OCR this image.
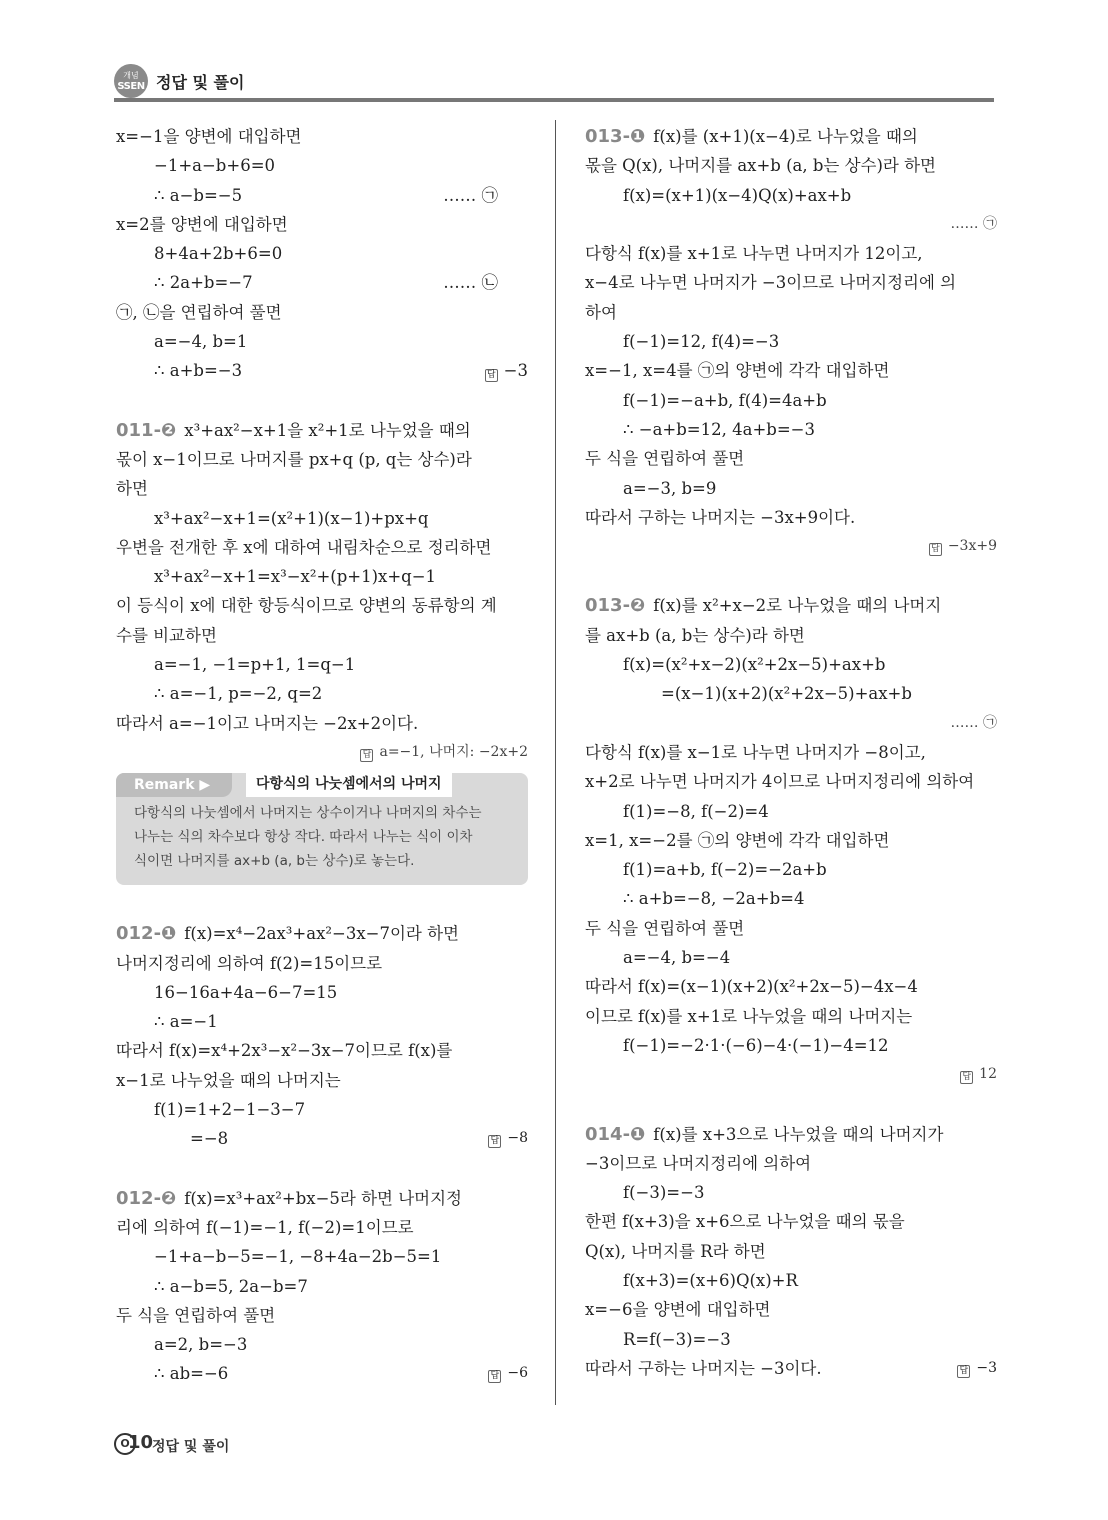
개념
SSEN 정답 및 풀이
x=−1을 양변에 대입하면
−1+a−b+6=0
∴ a−b=−5	…… ㉠
x=2를 양변에 대입하면
8+4a+2b+6=0
∴ 2a+b=−7	…… ㉡
㉠, ㉡을 연립하여 풀면
a=−4, b=1
∴ a+b=−3	답 −3
011-❷ x³+ax²−x+1을 x²+1로 나누었을 때의
몫이 x−1이므로 나머지를 px+q (p, q는 상수)라
하면
x³+ax²−x+1=(x²+1)(x−1)+px+q
우변을 전개한 후 x에 대하여 내림차순으로 정리하면
x³+ax²−x+1=x³−x²+(p+1)x+q−1
이 등식이 x에 대한 항등식이므로 양변의 동류항의 계
수를 비교하면
a=−1, −1=p+1, 1=q−1
∴ a=−1, p=−2, q=2
따라서 a=−1이고 나머지는 −2x+2이다.
답 a=−1, 나머지: −2x+2
Remark ▶	다항식의 나눗셈에서의 나머지
다항식의 나눗셈에서 나머지는 상수이거나 나머지의 차수는
나누는 식의 차수보다 항상 작다. 따라서 나누는 식이 이차
식이면 나머지를 ax+b (a, b는 상수)로 놓는다.
012-❶ f(x)=x⁴−2ax³+ax²−3x−7이라 하면
나머지정리에 의하여 f(2)=15이므로
16−16a+4a−6−7=15
∴ a=−1
따라서 f(x)=x⁴+2x³−x²−3x−7이므로 f(x)를
x−1로 나누었을 때의 나머지는
f(1)=1+2−1−3−7
=−8	답 −8
012-❷ f(x)=x³+ax²+bx−5라 하면 나머지정
리에 의하여 f(−1)=−1, f(−2)=1이므로
−1+a−b−5=−1, −8+4a−2b−5=1
∴ a−b=5, 2a−b=7
두 식을 연립하여 풀면
a=2, b=−3
∴ ab=−6	답 −6
013-❶ f(x)를 (x+1)(x−4)로 나누었을 때의
몫을 Q(x), 나머지를 ax+b (a, b는 상수)라 하면
f(x)=(x+1)(x−4)Q(x)+ax+b
…… ㉠
다항식 f(x)를 x+1로 나누면 나머지가 12이고,
x−4로 나누면 나머지가 −3이므로 나머지정리에 의
하여
f(−1)=12, f(4)=−3
x=−1, x=4를 ㉠의 양변에 각각 대입하면
f(−1)=−a+b, f(4)=4a+b
∴ −a+b=12, 4a+b=−3
두 식을 연립하여 풀면
a=−3, b=9
따라서 구하는 나머지는 −3x+9이다.
답 −3x+9
013-❷ f(x)를 x²+x−2로 나누었을 때의 나머지
를 ax+b (a, b는 상수)라 하면
f(x)=(x²+x−2)(x²+2x−5)+ax+b
=(x−1)(x+2)(x²+2x−5)+ax+b
…… ㉠
다항식 f(x)를 x−1로 나누면 나머지가 −8이고,
x+2로 나누면 나머지가 4이므로 나머지정리에 의하여
f(1)=−8, f(−2)=4
x=1, x=−2를 ㉠의 양변에 각각 대입하면
f(1)=a+b, f(−2)=−2a+b
∴ a+b=−8, −2a+b=4
두 식을 연립하여 풀면
a=−4, b=−4
따라서 f(x)=(x−1)(x+2)(x²+2x−5)−4x−4
이므로 f(x)를 x+1로 나누었을 때의 나머지는
f(−1)=−2·1·(−6)−4·(−1)−4=12
답 12
014-❶ f(x)를 x+3으로 나누었을 때의 나머지가
−3이므로 나머지정리에 의하여
f(−3)=−3
한편 f(x+3)을 x+6으로 나누었을 때의 몫을
Q(x), 나머지를 R라 하면
f(x+3)=(x+6)Q(x)+R
x=−6을 양변에 대입하면
R=f(−3)=−3
따라서 구하는 나머지는 −3이다.	답 −3
O
10
정답 및 풀이
